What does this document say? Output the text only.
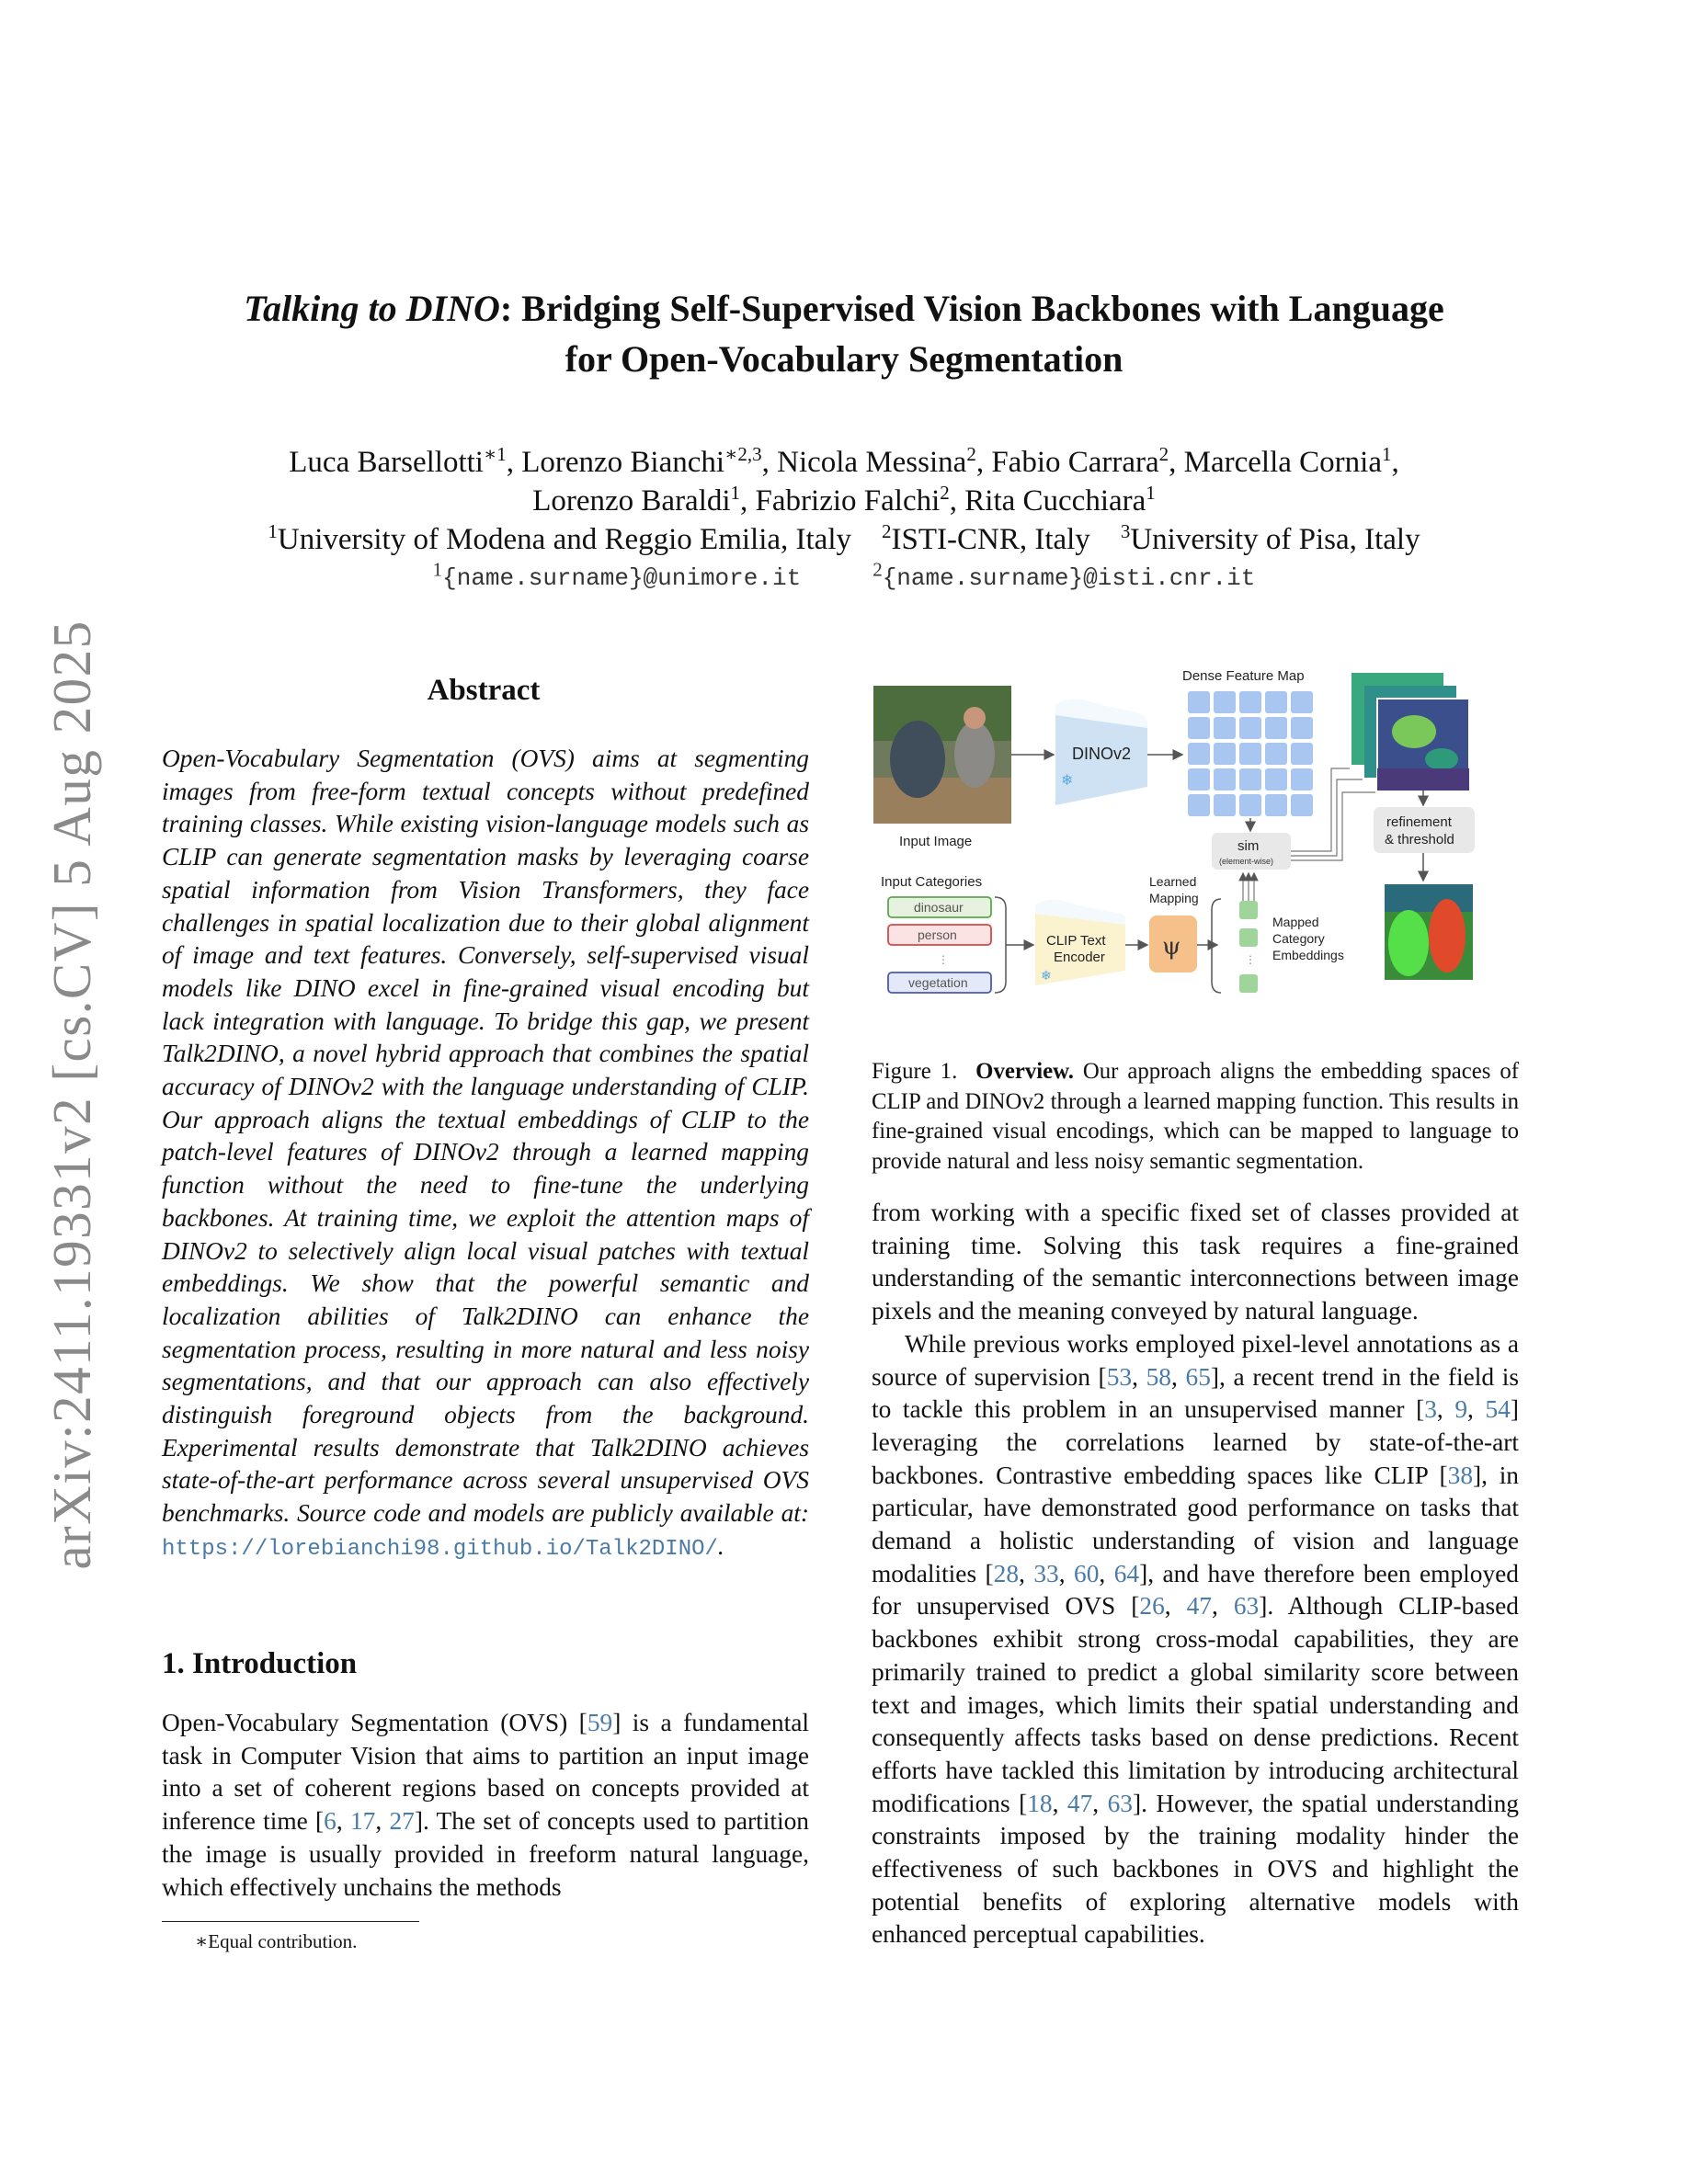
arXiv:2411.19331v2 [cs.CV] 5 Aug 2025
Talking to DINO: Bridging Self-Supervised Vision Backbones with Language
for Open-Vocabulary Segmentation
Luca Barsellotti$^{∗1}$, Lorenzo Bianchi$^{∗2,3}$, Nicola Messina$^2$, Fabio Carrara$^2$, Marcella Cornia$^1$,
Lorenzo Baraldi$^1$, Fabrizio Falchi$^2$, Rita Cucchiara$^1$
$^1$University of Modena and Reggio Emilia, Italy $^2$ISTI-CNR, Italy $^3$University of Pisa, Italy
$^1${name.surname}@unimore.it	$^2${name.surname}@isti.cnr.it
Abstract
Open-Vocabulary Segmentation (OVS) aims at segmenting images from free-form textual concepts without predefined training classes. While existing vision-language models such as CLIP can generate segmentation masks by leveraging coarse spatial information from Vision Transformers, they face challenges in spatial localization due to their global alignment of image and text features. Conversely, self-supervised visual models like DINO excel in fine-grained visual encoding but lack integration with language. To bridge this gap, we present Talk2DINO, a novel hybrid approach that combines the spatial accuracy of DINOv2 with the language understanding of CLIP. Our approach aligns the textual embeddings of CLIP to the patch-level features of DINOv2 through a learned mapping function without the need to fine-tune the underlying backbones. At training time, we exploit the attention maps of DINOv2 to selectively align local visual patches with textual embeddings. We show that the powerful semantic and localization abilities of Talk2DINO can enhance the segmentation process, resulting in more natural and less noisy segmentations, and that our approach can also effectively distinguish foreground objects from the background. Experimental results demonstrate that Talk2DINO achieves state-of-the-art performance across several unsupervised OVS benchmarks. Source code and models are publicly available at: https://lorebianchi98.github.io/Talk2DINO/.
1. Introduction

Open-Vocabulary Segmentation (OVS) [59] is a fundamental task in Computer Vision that aims to partition an input image into a set of coherent regions based on concepts provided at inference time [6, 17, 27]. The set of concepts used to partition the image is usually provided in freeform natural language, which effectively unchains the methods

∗Equal contribution.
Input Image
DINOv2
❄
Dense Feature Map
sim
(element-wise)
refinement
& threshold
Input Categories
dinosaur
person
⋮
vegetation
CLIP Text
Encoder
❄
Learned
Mapping
ψ	⋮
Mapped
Category
Embeddings
Figure 1. Overview. Our approach aligns the embedding spaces of CLIP and DINOv2 through a learned mapping function. This results in fine-grained visual encodings, which can be mapped to language to provide natural and less noisy semantic segmentation.

from working with a specific fixed set of classes provided at training time. Solving this task requires a fine-grained understanding of the semantic interconnections between image pixels and the meaning conveyed by natural language.

While previous works employed pixel-level annotations as a source of supervision [53, 58, 65], a recent trend in the field is to tackle this problem in an unsupervised manner [3, 9, 54] leveraging the correlations learned by state-of-the-art backbones. Contrastive embedding spaces like CLIP [38], in particular, have demonstrated good performance on tasks that demand a holistic understanding of vision and language modalities [28, 33, 60, 64], and have therefore been employed for unsupervised OVS [26, 47, 63]. Although CLIP-based backbones exhibit strong cross-modal capabilities, they are primarily trained to predict a global similarity score between text and images, which limits their spatial understanding and consequently affects tasks based on dense predictions. Recent efforts have tackled this limitation by introducing architectural modifications [18, 47, 63]. However, the spatial understanding constraints imposed by the training modality hinder the effectiveness of such backbones in OVS and highlight the potential benefits of exploring alternative models with enhanced perceptual capabilities.
